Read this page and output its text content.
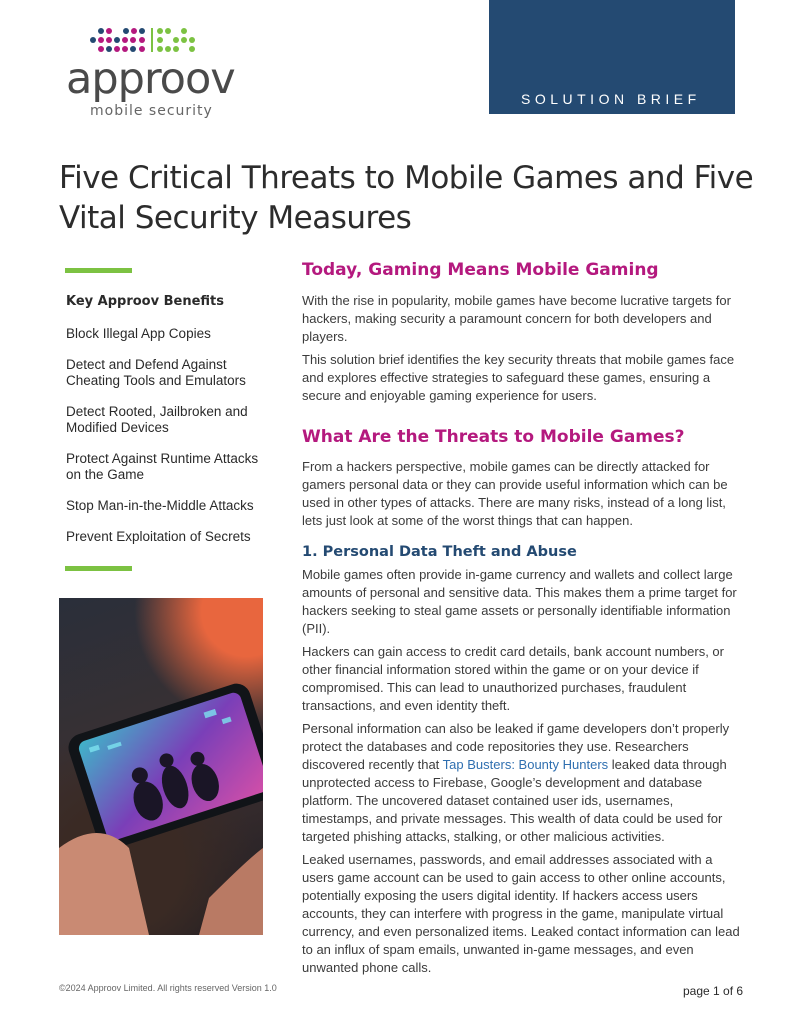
approov
mobile security
SOLUTION BRIEF
Five Critical Threats to Mobile Games and Five Vital Security Measures
Key Approov Benefits
Block Illegal App Copies
Detect and Defend Against Cheating Tools and Emulators
Detect Rooted, Jailbroken and Modified Devices
Protect Against Runtime Attacks on the Game
Stop Man-in-the-Middle Attacks
Prevent Exploitation of Secrets
Today, Gaming Means Mobile Gaming

With the rise in popularity, mobile games have become lucrative targets for hackers, making security a paramount concern for both developers and players.

This solution brief identifies the key security threats that mobile games face and explores effective strategies to safeguard these games, ensuring a secure and enjoyable gaming experience for users.

What Are the Threats to Mobile Games?

From a hackers perspective, mobile games can be directly attacked for gamers personal data or they can provide useful information which can be used in other types of attacks. There are many risks, instead of a long list, lets just look at some of the worst things that can happen.

1. Personal Data Theft and Abuse

Mobile games often provide in-game currency and wallets and collect large amounts of personal and sensitive data. This makes them a prime target for hackers seeking to steal game assets or personally identifiable information (PII).

Hackers can gain access to credit card details, bank account numbers, or other financial information stored within the game or on your device if compromised. This can lead to unauthorized purchases, fraudulent transactions, and even identity theft.

Personal information can also be leaked if game developers don’t properly protect the databases and code repositories they use. Researchers discovered recently that Tap Busters: Bounty Hunters leaked data through unprotected access to Firebase, Google’s development and database platform. The uncovered dataset contained user ids, usernames, timestamps, and private messages. This wealth of data could be used for targeted phishing attacks, stalking, or other malicious activities.

Leaked usernames, passwords, and email addresses associated with a users game account can be used to gain access to other online accounts, potentially exposing the users digital identity. If hackers access users accounts, they can interfere with progress in the game, manipulate virtual currency, and even personalized items. Leaked contact information can lead to an influx of spam emails, unwanted in-game messages, and even unwanted phone calls.

©2024 Approov Limited. All rights reserved Version 1.0	page 1 of 6
